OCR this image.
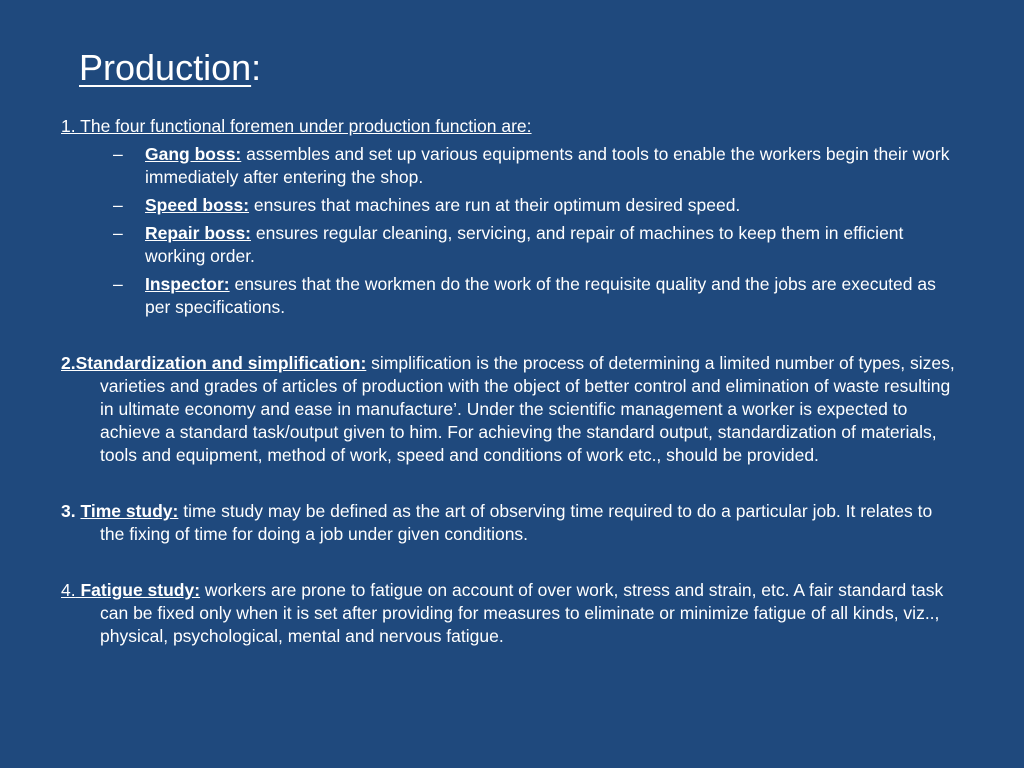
Production:

1. The four functional foremen under production function are:

– Gang boss: assembles and set up various equipments and tools to enable the workers begin their work immediately after entering the shop.
– Speed boss: ensures that machines are run at their optimum desired speed.
– Repair boss: ensures regular cleaning, servicing, and repair of machines to keep them in efficient working order.
– Inspector: ensures that the workmen do the work of the requisite quality and the jobs are executed as per specifications.

2.Standardization and simplification: simplification is the process of determining a limited number of types, sizes, varieties and grades of articles of production with the object of better control and elimination of waste resulting in ultimate economy and ease in manufacture’. Under the scientific management a worker is expected to achieve a standard task/output given to him. For achieving the standard output, standardization of materials, tools and equipment, method of work, speed and conditions of work etc., should be provided.

3. Time study: time study may be defined as the art of observing time required to do a particular job. It relates to the fixing of time for doing a job under given conditions.

4. Fatigue study: workers are prone to fatigue on account of over work, stress and strain, etc. A fair standard task can be fixed only when it is set after providing for measures to eliminate or minimize fatigue of all kinds, viz.., physical, psychological, mental and nervous fatigue.
